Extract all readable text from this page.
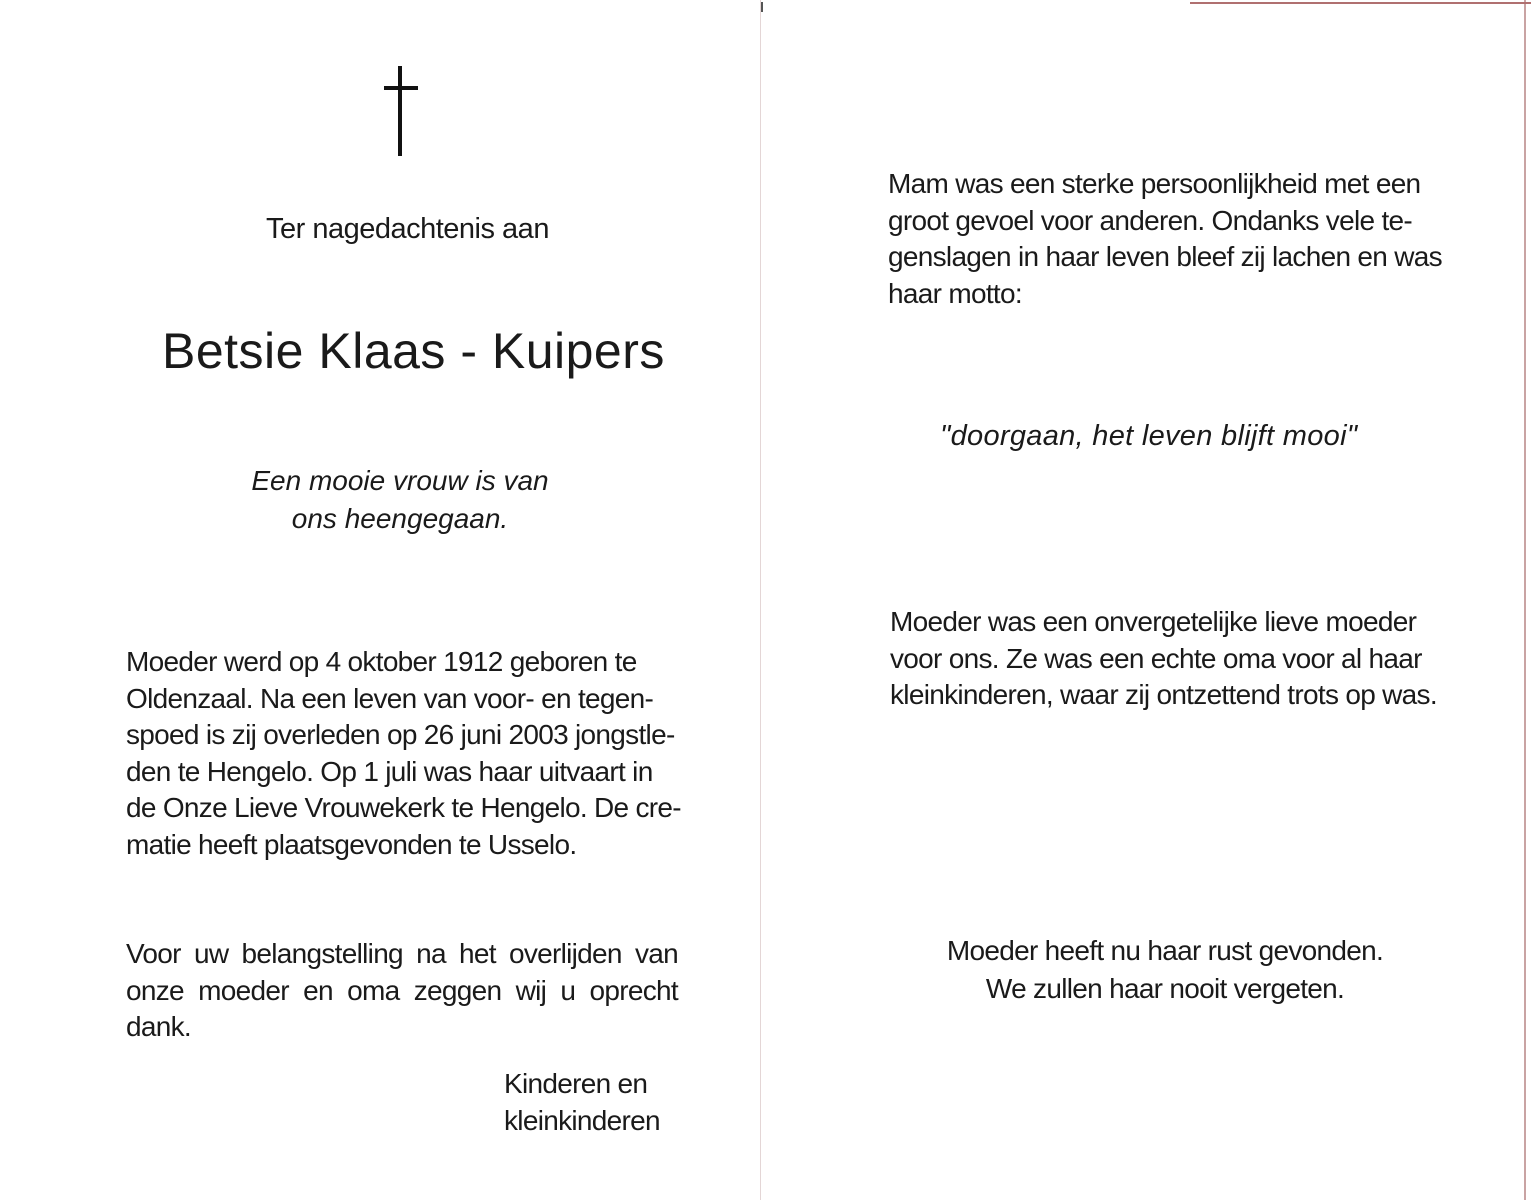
Ter nagedachtenis aan
Betsie Klaas - Kuipers
Een mooie vrouw is van
ons heengegaan.
Moeder werd op 4 oktober 1912 geboren te
Oldenzaal. Na een leven van voor- en tegen-
spoed is zij overleden op 26 juni 2003 jongstle-
den te Hengelo. Op 1 juli was haar uitvaart in
de Onze Lieve Vrouwekerk te Hengelo. De cre-
matie heeft plaatsgevonden te Usselo.
Voor uw belangstelling na het overlijden van
onze moeder en oma zeggen wij u oprecht
dank.
Kinderen en
kleinkinderen
Mam was een sterke persoonlijkheid met een
groot gevoel voor anderen. Ondanks vele te-
genslagen in haar leven bleef zij lachen en was
haar motto:
"doorgaan, het leven blijft mooi"
Moeder was een onvergetelijke lieve moeder
voor ons. Ze was een echte oma voor al haar
kleinkinderen, waar zij ontzettend trots op was.
Moeder heeft nu haar rust gevonden.
We zullen haar nooit vergeten.
